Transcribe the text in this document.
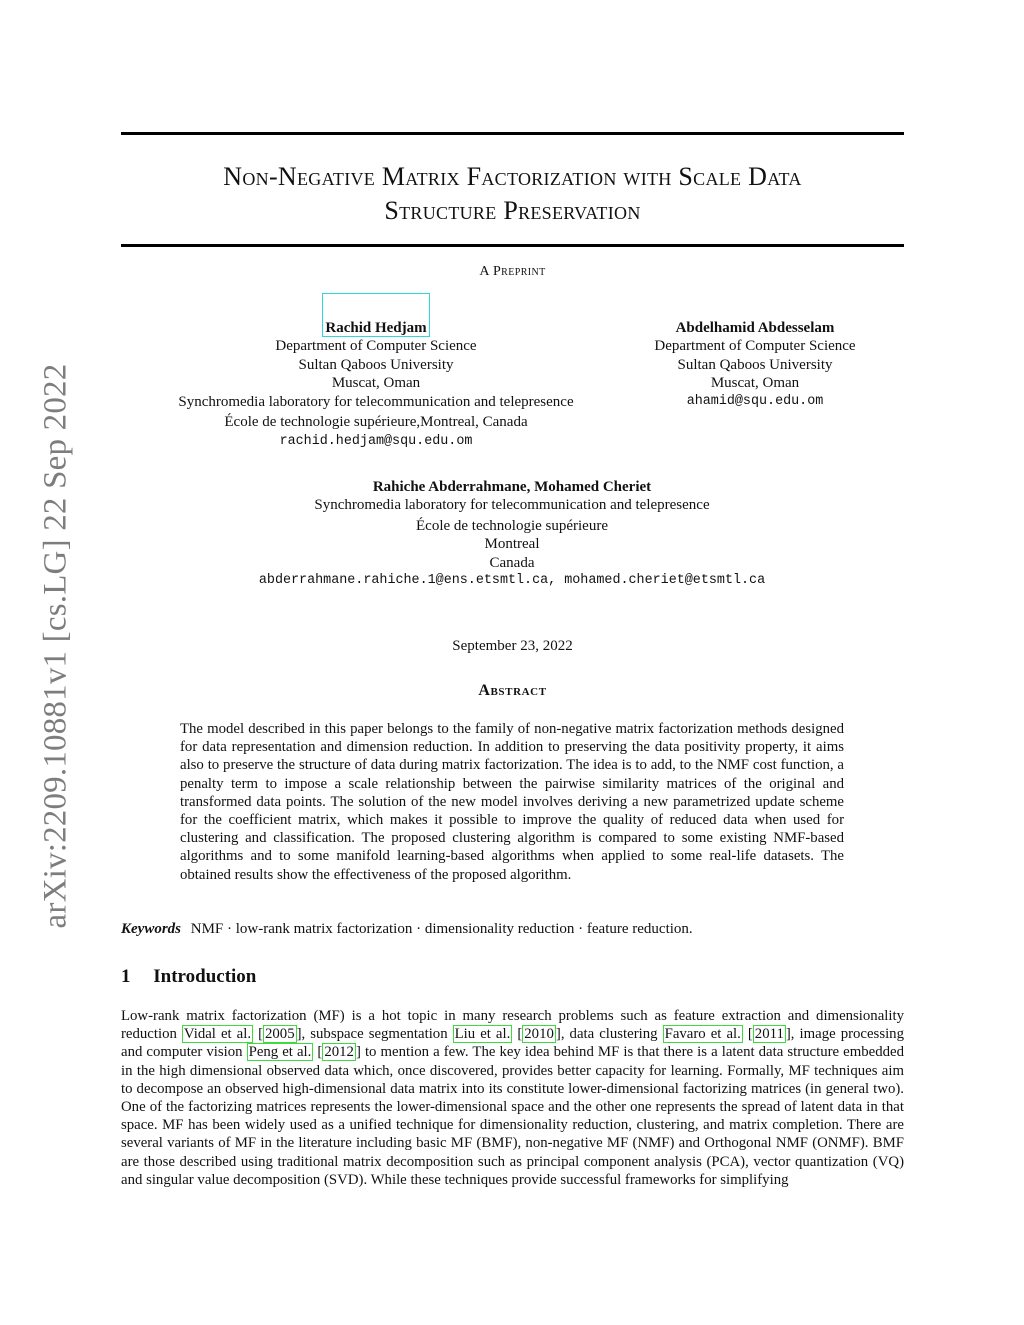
arXiv:2209.10881v1 [cs.LG] 22 Sep 2022
Non-Negative Matrix Factorization with Scale Data
Structure Preservation
A Preprint
Rachid Hedjam
Department of Computer Science
Sultan Qaboos University
Muscat, Oman
Synchromedia laboratory for telecommunication and telepresence
École de technologie supérieure,Montreal, Canada
rachid.hedjam@squ.edu.om
Abdelhamid Abdesselam
Department of Computer Science
Sultan Qaboos University
Muscat, Oman
ahamid@squ.edu.om
Rahiche Abderrahmane, Mohamed Cheriet
Synchromedia laboratory for telecommunication and telepresence
École de technologie supérieure
Montreal
Canada
abderrahmane.rahiche.1@ens.etsmtl.ca, mohamed.cheriet@etsmtl.ca
September 23, 2022
Abstract
The model described in this paper belongs to the family of non-negative matrix factorization methods designed for data representation and dimension reduction. In addition to preserving the data positivity property, it aims also to preserve the structure of data during matrix factorization. The idea is to add, to the NMF cost function, a penalty term to impose a scale relationship between the pairwise similarity matrices of the original and transformed data points. The solution of the new model involves deriving a new parametrized update scheme for the coefficient matrix, which makes it possible to improve the quality of reduced data when used for clustering and classification. The proposed clustering algorithm is compared to some existing NMF-based algorithms and to some manifold learning-based algorithms when applied to some real-life datasets. The obtained results show the effectiveness of the proposed algorithm.
Keywords NMF · low-rank matrix factorization · dimensionality reduction · feature reduction.
1 Introduction
Low-rank matrix factorization (MF) is a hot topic in many research problems such as feature extraction and dimensionality reduction Vidal et al. [ 2005 ], subspace segmentation Liu et al. [ 2010 ], data clustering Favaro et al. [ 2011 ], image processing and computer vision Peng et al. [ 2012 ] to mention a few. The key idea behind MF is that there is a latent data structure embedded in the high dimensional observed data which, once discovered, provides better capacity for learning. Formally, MF techniques aim to decompose an observed high-dimensional data matrix into its constitute lower-dimensional factorizing matrices (in general two). One of the factorizing matrices represents the lower-dimensional space and the other one represents the spread of latent data in that space. MF has been widely used as a unified technique for dimensionality reduction, clustering, and matrix completion. There are several variants of MF in the literature including basic MF (BMF), non-negative MF (NMF) and Orthogonal NMF (ONMF). BMF are those described using traditional matrix decomposition such as principal component analysis (PCA), vector quantization (VQ) and singular value decomposition (SVD). While these techniques provide successful frameworks for simplifying
